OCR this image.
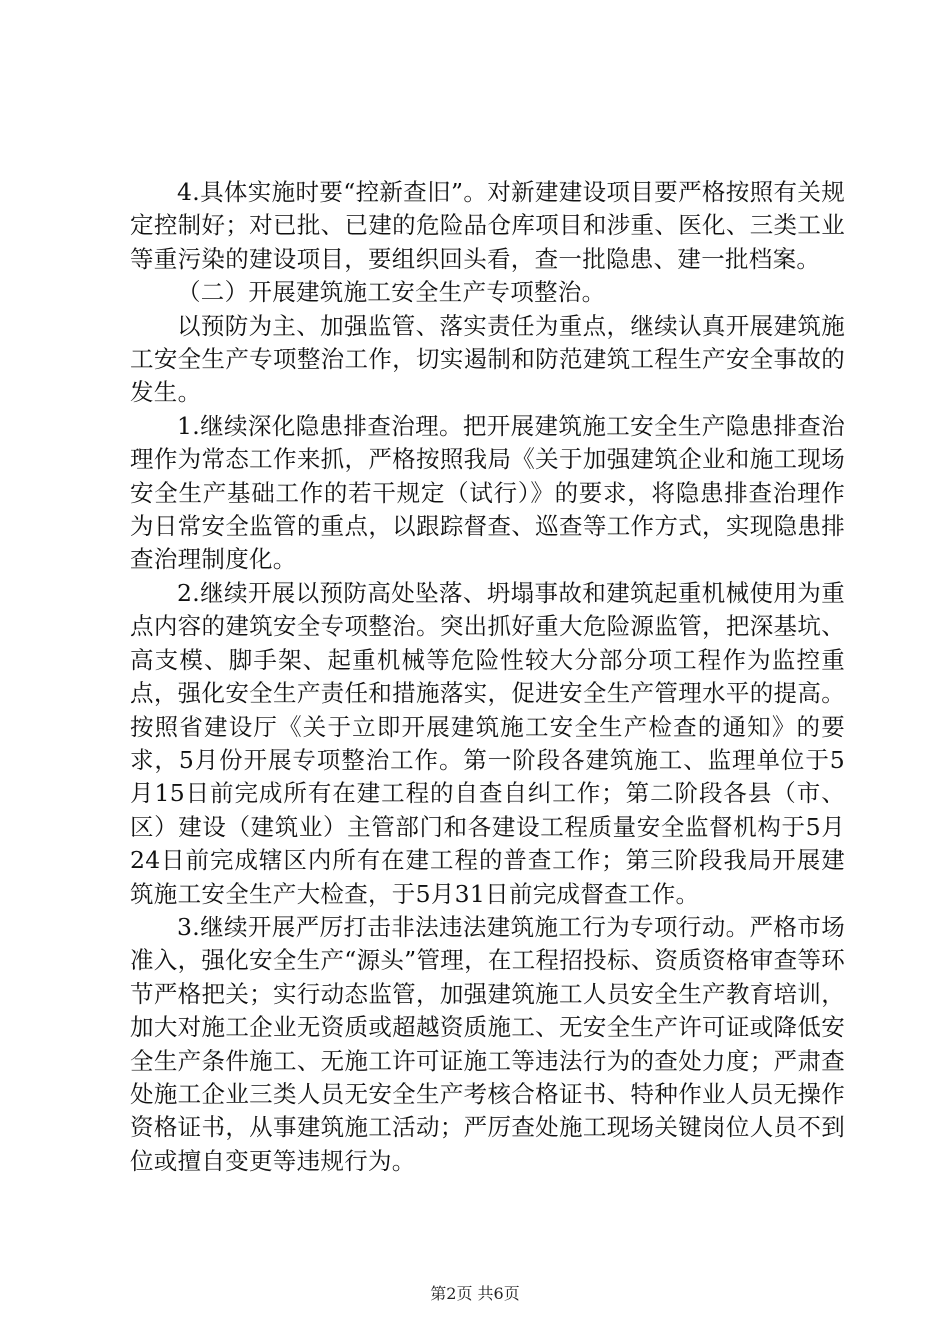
4.具体实施时要“控新查旧”。对新建建设项目要严格按照有关规定控制好；对已批、已建的危险品仓库项目和涉重、医化、三类工业等重污染的建设项目，要组织回头看，查一批隐患、建一批档案。

（二）开展建筑施工安全生产专项整治。

以预防为主、加强监管、落实责任为重点，继续认真开展建筑施工安全生产专项整治工作，切实遏制和防范建筑工程生产安全事故的发生。

1.继续深化隐患排查治理。把开展建筑施工安全生产隐患排查治理作为常态工作来抓，严格按照我局《关于加强建筑企业和施工现场安全生产基础工作的若干规定（试行）》的要求，将隐患排查治理作为日常安全监管的重点，以跟踪督查、巡查等工作方式，实现隐患排查治理制度化。

2.继续开展以预防高处坠落、坍塌事故和建筑起重机械使用为重点内容的建筑安全专项整治。突出抓好重大危险源监管，把深基坑、高支模、脚手架、起重机械等危险性较大分部分项工程作为监控重点，强化安全生产责任和措施落实，促进安全生产管理水平的提高。按照省建设厅《关于立即开展建筑施工安全生产检查的通知》的要求，5月份开展专项整治工作。第一阶段各建筑施工、监理单位于5月15日前完成所有在建工程的自查自纠工作；第二阶段各县（市、区）建设（建筑业）主管部门和各建设工程质量安全监督机构于5月24日前完成辖区内所有在建工程的普查工作；第三阶段我局开展建筑施工安全生产大检查，于5月31日前完成督查工作。

3.继续开展严厉打击非法违法建筑施工行为专项行动。严格市场准入，强化安全生产“源头”管理，在工程招投标、资质资格审查等环节严格把关；实行动态监管，加强建筑施工人员安全生产教育培训，加大对施工企业无资质或超越资质施工、无安全生产许可证或降低安全生产条件施工、无施工许可证施工等违法行为的查处力度；严肃查处施工企业三类人员无安全生产考核合格证书、特种作业人员无操作资格证书，从事建筑施工活动；严厉查处施工现场关键岗位人员不到位或擅自变更等违规行为。

第2页 共6页
